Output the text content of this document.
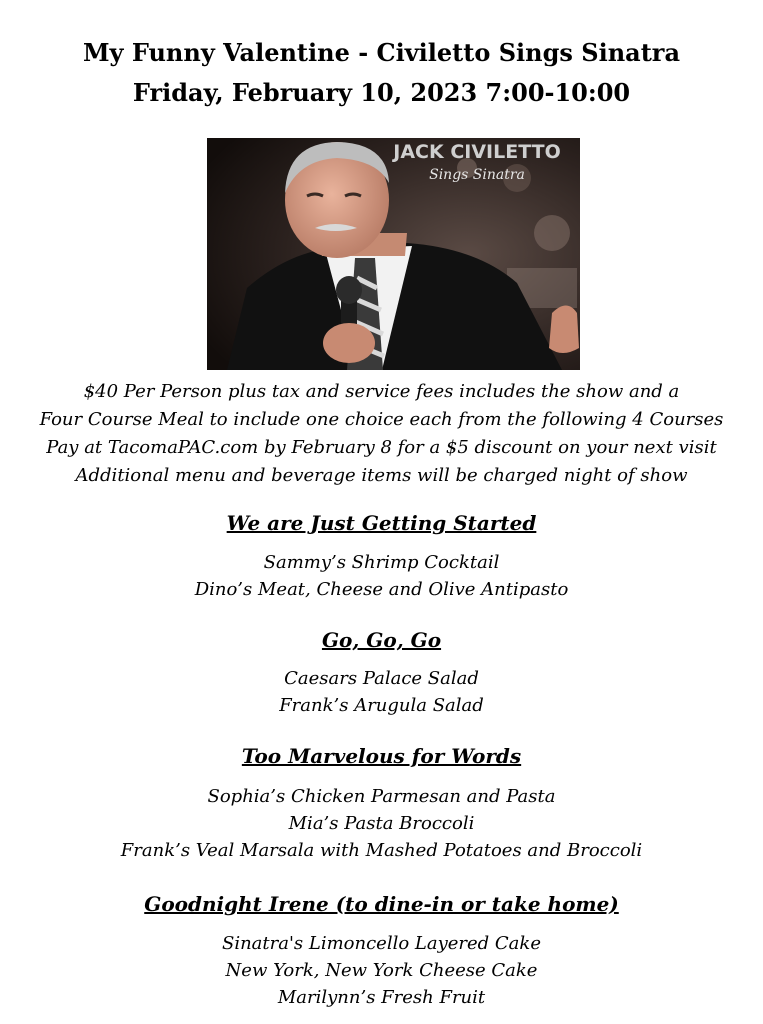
My Funny Valentine - Civiletto Sings Sinatra
Friday, February 10, 2023 7:00-10:00
JACK CIVILETTO
Sings Sinatra
$40 Per Person plus tax and service fees includes the show and a
Four Course Meal to include one choice each from the following 4 Courses
Pay at TacomaPAC.com by February 8 for a $5 discount on your next visit
Additional menu and beverage items will be charged night of show
We are Just Getting Started
Sammy’s Shrimp Cocktail
Dino’s Meat, Cheese and Olive Antipasto
Go, Go, Go
Caesars Palace Salad
Frank’s Arugula Salad
Too Marvelous for Words
Sophia’s Chicken Parmesan and Pasta
Mia’s Pasta Broccoli
Frank’s Veal Marsala with Mashed Potatoes and Broccoli
Goodnight Irene (to dine-in or take home)
Sinatra's Limoncello Layered Cake
New York, New York Cheese Cake
Marilynn’s Fresh Fruit
